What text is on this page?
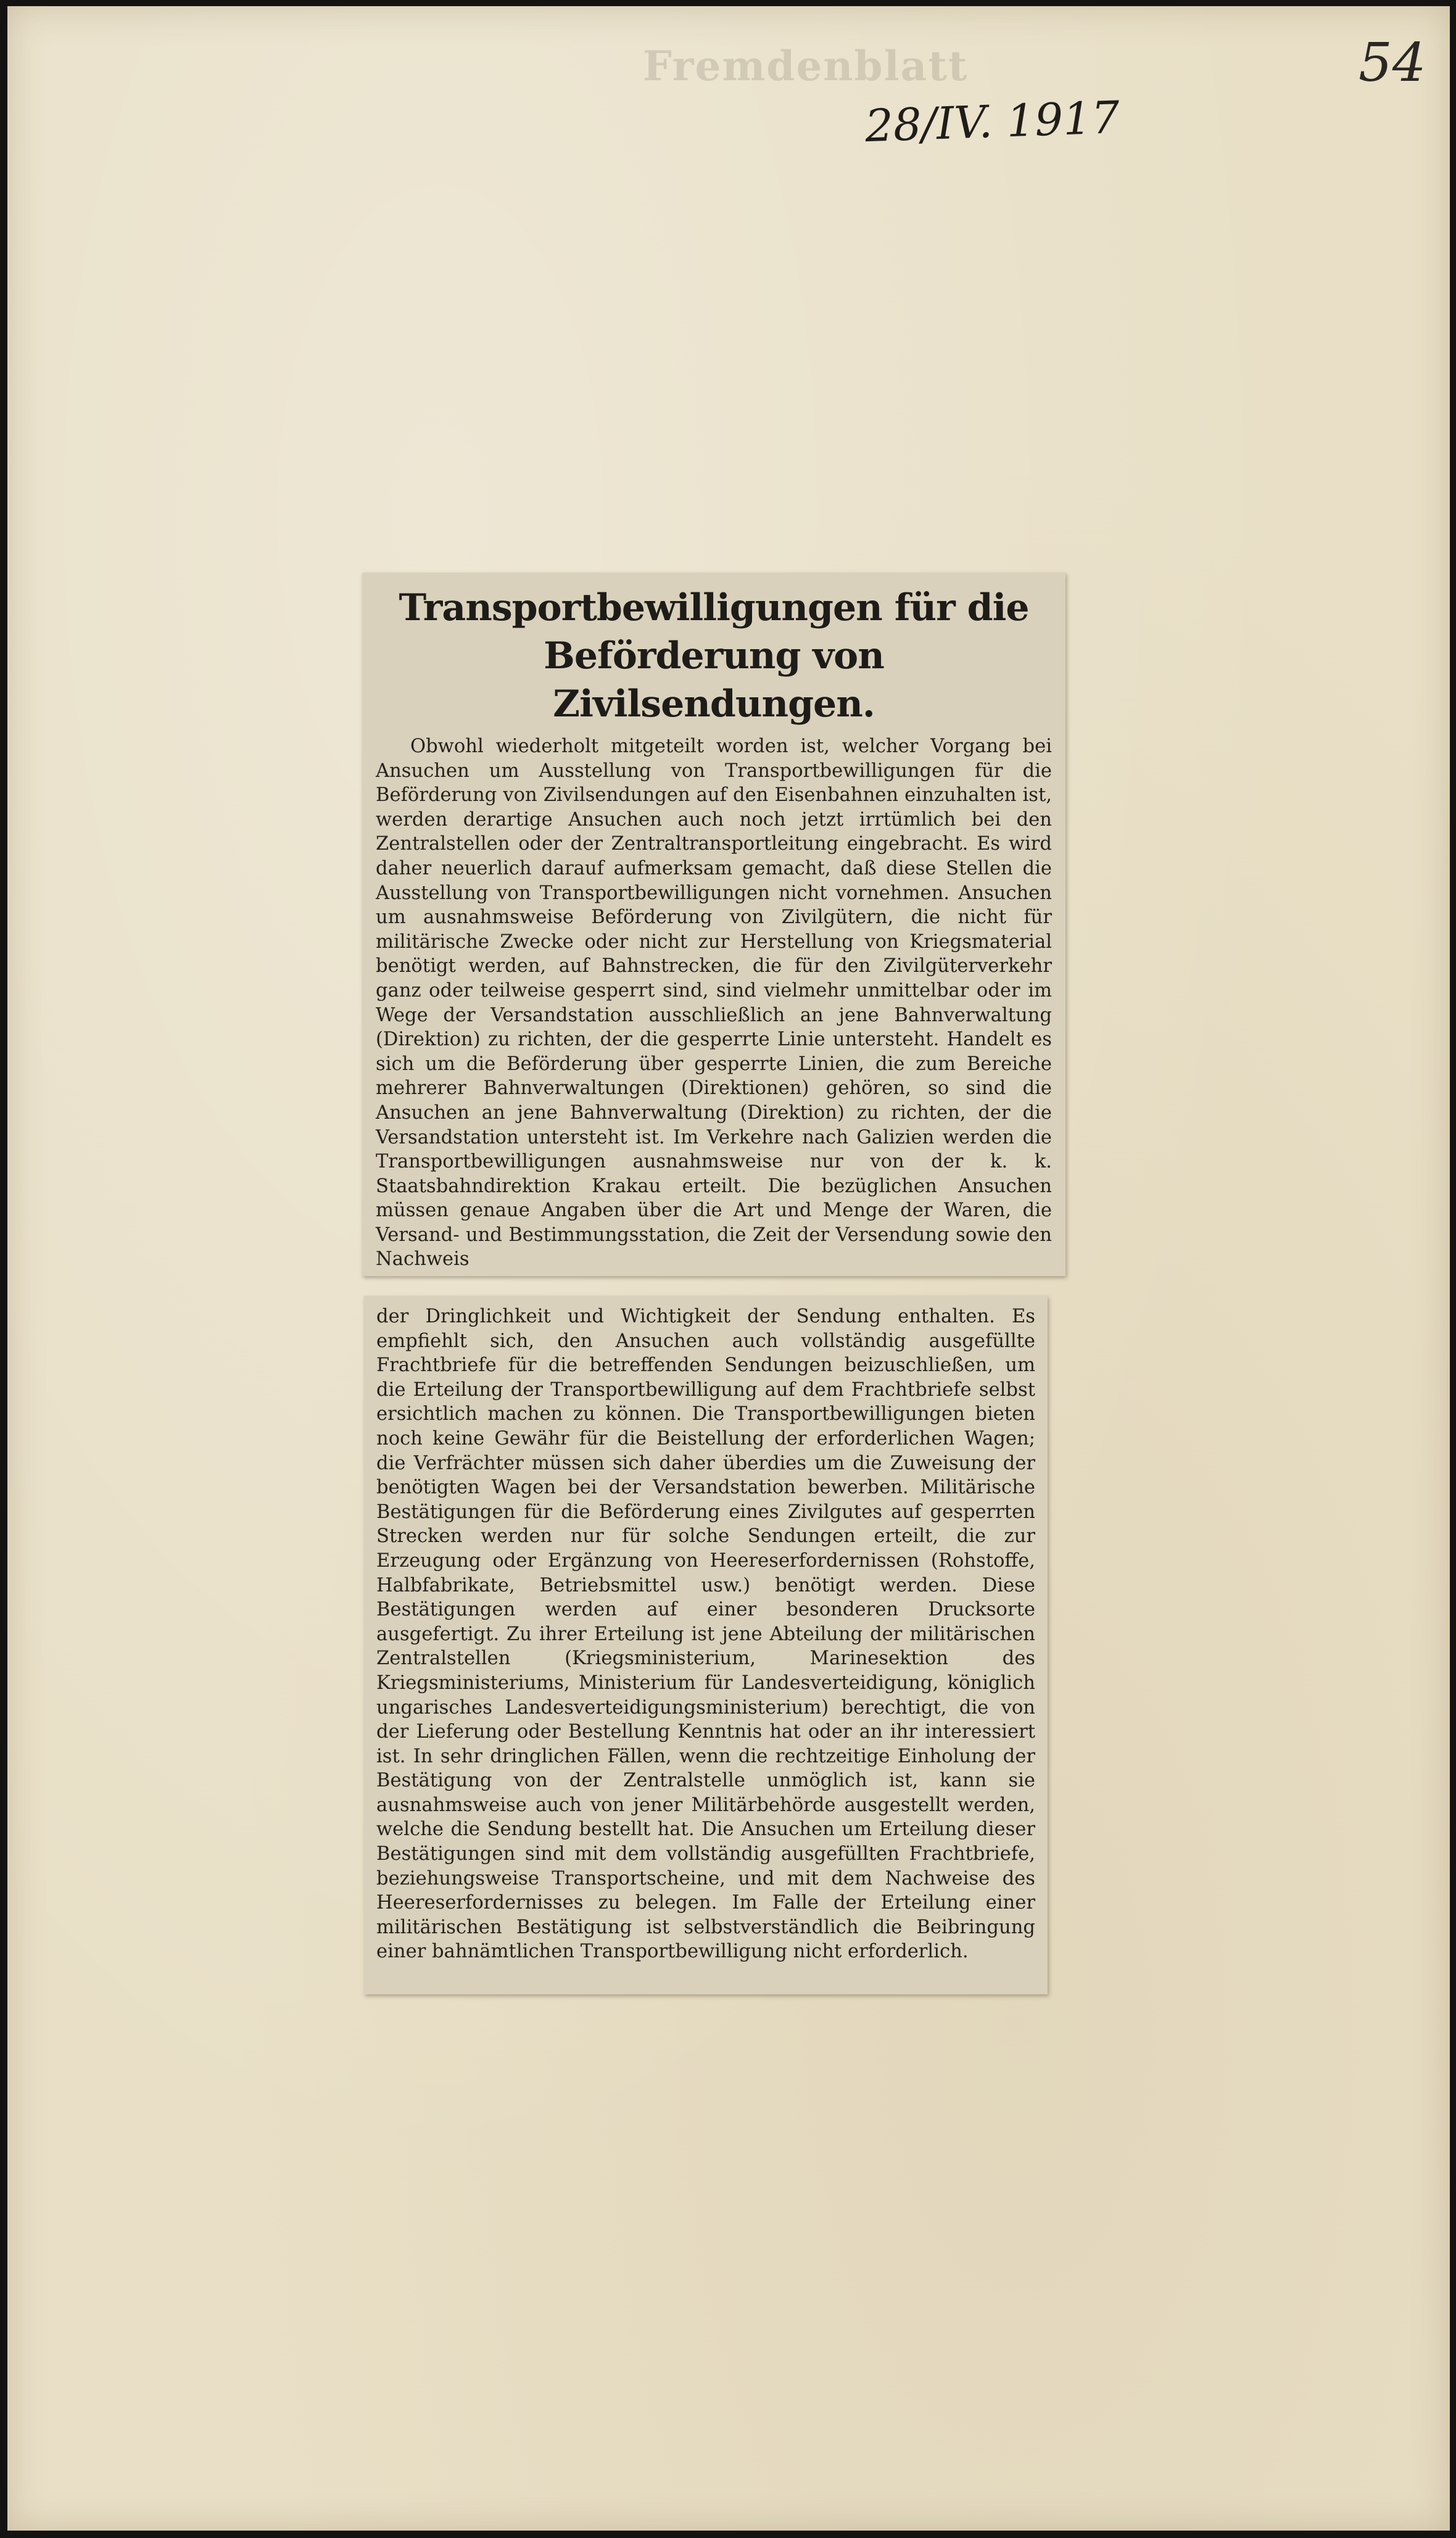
Fremdenblatt
28/IV. 1917
54
Transportbewilligungen für die Beförderung von Zivilsendungen.
Obwohl wiederholt mitgeteilt worden ist, welcher Vorgang bei Ansuchen um Ausstellung von Transportbewilligungen für die Beförderung von Zivilsendungen auf den Eisenbahnen einzuhalten ist, werden derartige Ansuchen auch noch jetzt irrtümlich bei den Zentralstellen oder der Zentraltransportleitung eingebracht. Es wird daher neuerlich darauf aufmerksam gemacht, daß diese Stellen die Ausstellung von Transportbewilligungen nicht vornehmen. Ansuchen um ausnahmsweise Beförderung von Zivilgütern, die nicht für militärische Zwecke oder nicht zur Herstellung von Kriegsmaterial benötigt werden, auf Bahnstrecken, die für den Zivilgüterverkehr ganz oder teilweise gesperrt sind, sind vielmehr unmittelbar oder im Wege der Versandstation ausschließlich an jene Bahnverwaltung (Direktion) zu richten, der die gesperrte Linie untersteht. Handelt es sich um die Beförderung über gesperrte Linien, die zum Bereiche mehrerer Bahnverwaltungen (Direktionen) gehören, so sind die Ansuchen an jene Bahnverwaltung (Direktion) zu richten, der die Versandstation untersteht ist. Im Verkehre nach Galizien werden die Transportbewilligungen ausnahmsweise nur von der k. k. Staatsbahndirektion Krakau erteilt. Die bezüglichen Ansuchen müssen genaue Angaben über die Art und Menge der Waren, die Versand- und Bestimmungsstation, die Zeit der Versendung sowie den Nachweis
der Dringlichkeit und Wichtigkeit der Sendung enthalten. Es empfiehlt sich, den Ansuchen auch vollständig ausgefüllte Frachtbriefe für die betreffenden Sendungen beizuschließen, um die Erteilung der Transportbewilligung auf dem Frachtbriefe selbst ersichtlich machen zu können. Die Transportbewilligungen bieten noch keine Gewähr für die Beistellung der erforderlichen Wagen; die Verfrächter müssen sich daher überdies um die Zuweisung der benötigten Wagen bei der Versandstation bewerben. Militärische Bestätigungen für die Beförderung eines Zivilgutes auf gesperrten Strecken werden nur für solche Sendungen erteilt, die zur Erzeugung oder Ergänzung von Heereserfordernissen (Rohstoffe, Halbfabrikate, Betriebsmittel usw.) benötigt werden. Diese Bestätigungen werden auf einer besonderen Drucksorte ausgefertigt. Zu ihrer Erteilung ist jene Abteilung der militärischen Zentralstellen (Kriegsministerium, Marinesektion des Kriegsministeriums, Ministerium für Landesverteidigung, königlich ungarisches Landesverteidigungsministerium) berechtigt, die von der Lieferung oder Bestellung Kenntnis hat oder an ihr interessiert ist. In sehr dringlichen Fällen, wenn die rechtzeitige Einholung der Bestätigung von der Zentralstelle unmöglich ist, kann sie ausnahmsweise auch von jener Militärbehörde ausgestellt werden, welche die Sendung bestellt hat. Die Ansuchen um Erteilung dieser Bestätigungen sind mit dem vollständig ausgefüllten Frachtbriefe, beziehungsweise Transportscheine, und mit dem Nachweise des Heereserfordernisses zu belegen. Im Falle der Erteilung einer militärischen Bestätigung ist selbstverständlich die Beibringung einer bahnämtlichen Transportbewilligung nicht erforderlich.
